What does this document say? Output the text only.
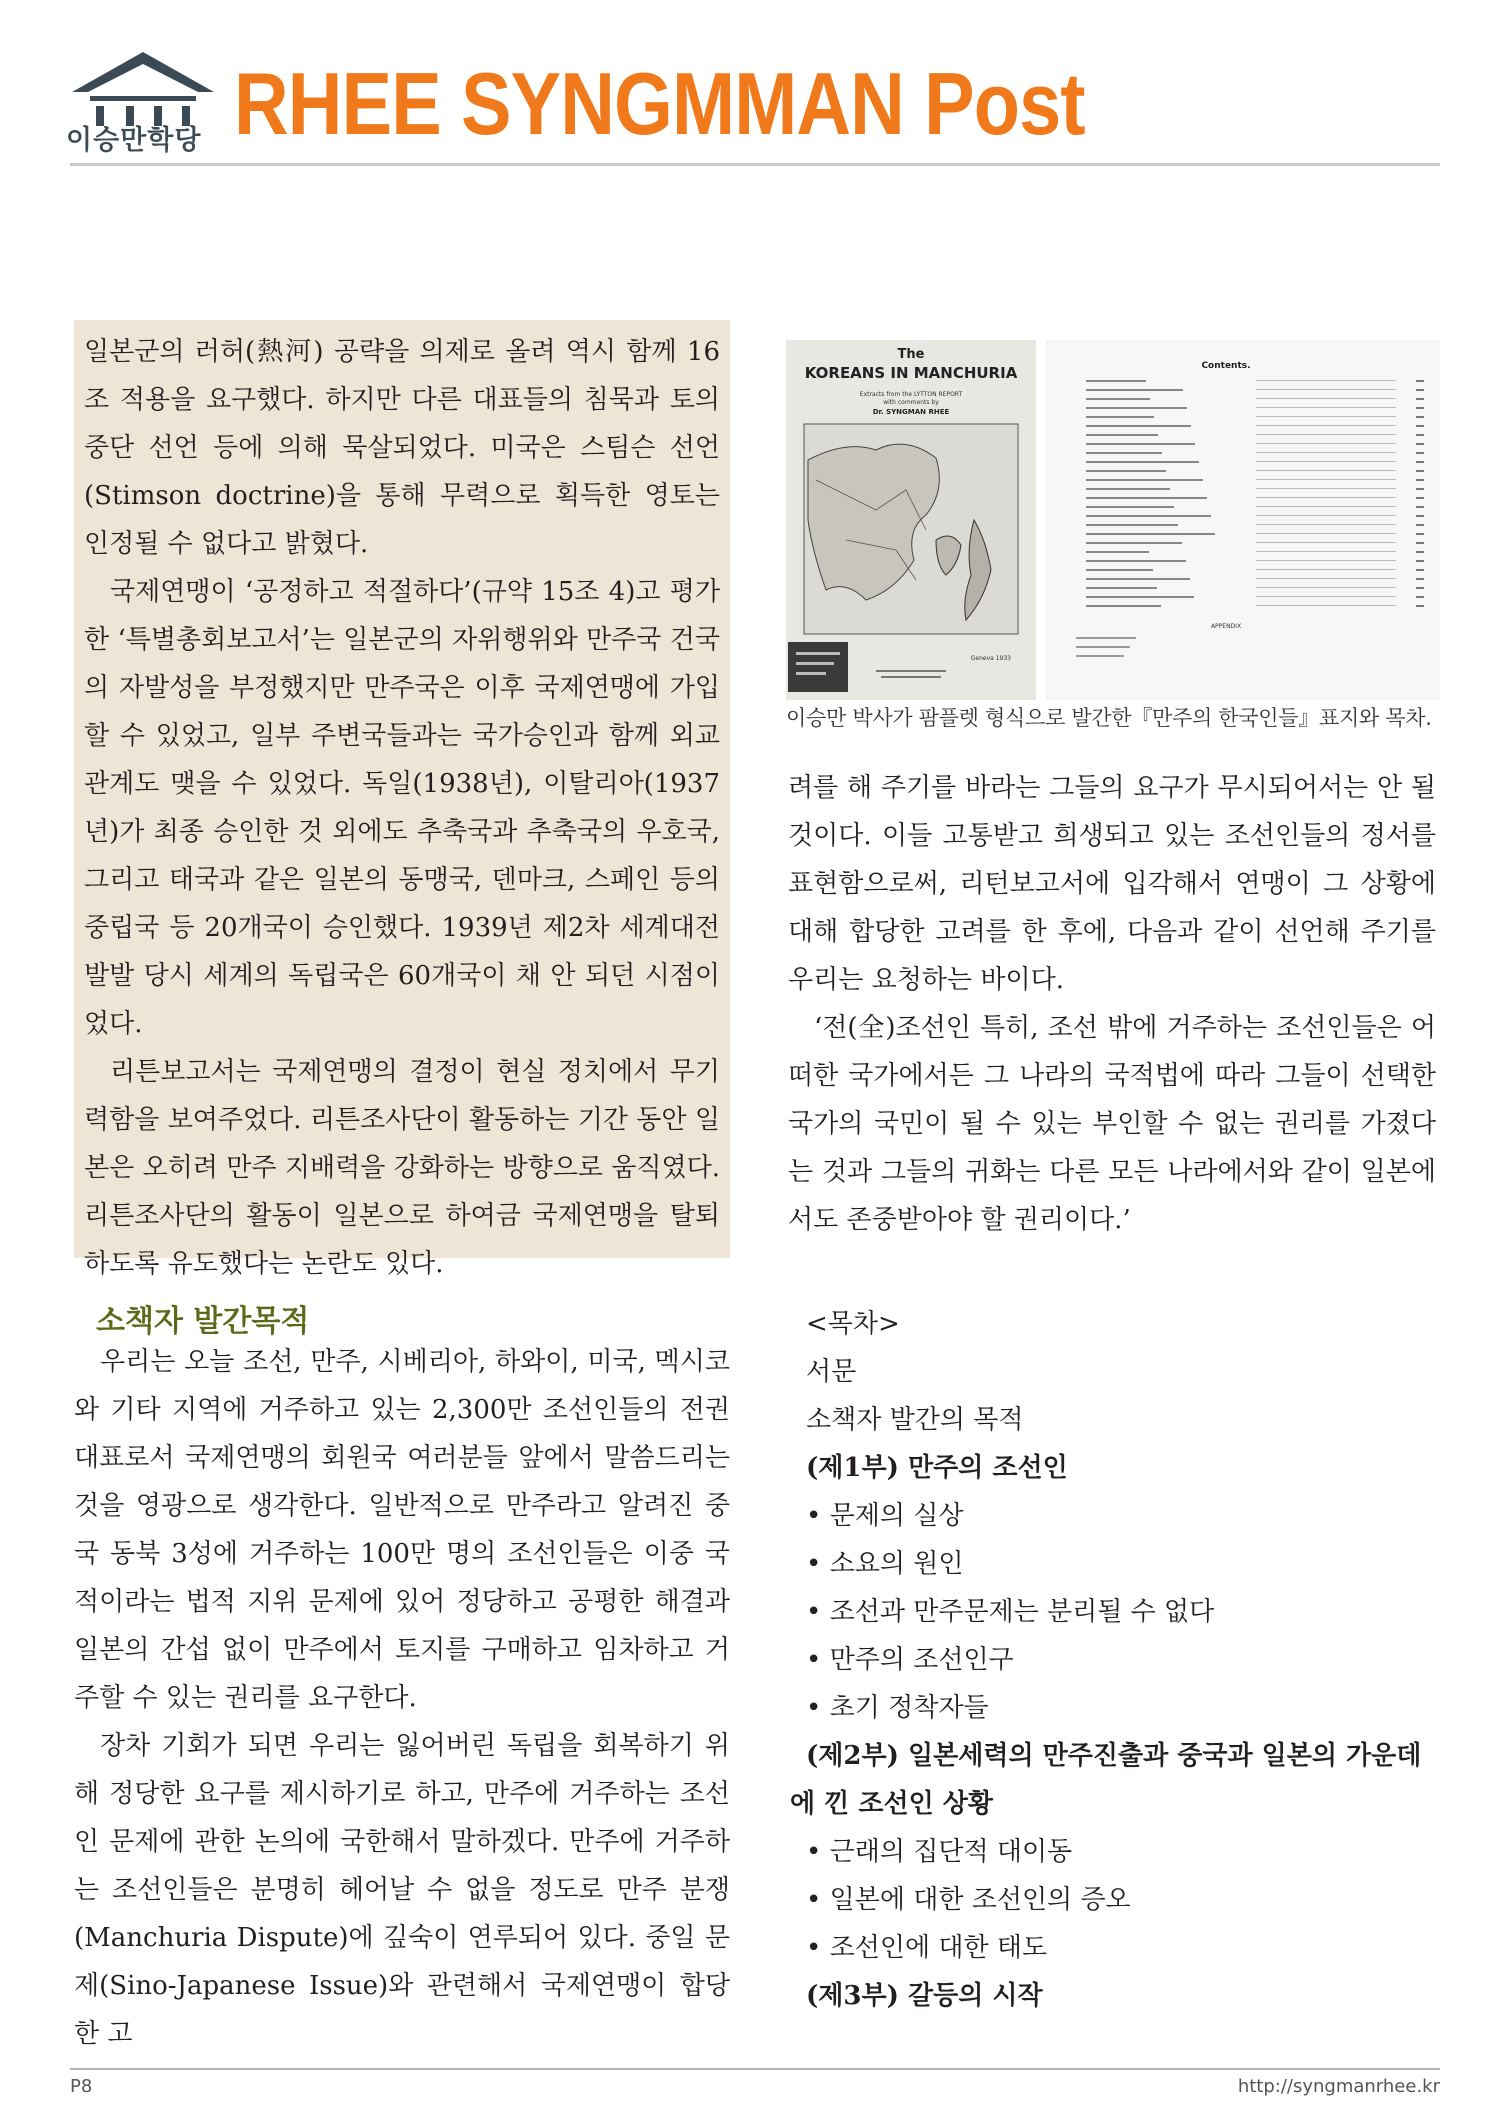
이승만학당 RHEE SYNGMMAN Post

일본군의 러허(熱河) 공략을 의제로 올려 역시 함께 16조 적용을 요구했다. 하지만 다른 대표들의 침묵과 토의중단 선언 등에 의해 묵살되었다. 미국은 스팀슨 선언(Stimson doctrine)을 통해 무력으로 획득한 영토는 인정될 수 없다고 밝혔다.

국제연맹이 ‘공정하고 적절하다’(규약 15조 4)고 평가한 ‘특별총회보고서’는 일본군의 자위행위와 만주국 건국의 자발성을 부정했지만 만주국은 이후 국제연맹에 가입할 수 있었고, 일부 주변국들과는 국가승인과 함께 외교관계도 맺을 수 있었다. 독일(1938년), 이탈리아(1937년)가 최종 승인한 것 외에도 추축국과 추축국의 우호국, 그리고 태국과 같은 일본의 동맹국, 덴마크, 스페인 등의 중립국 등 20개국이 승인했다. 1939년 제2차 세계대전 발발 당시 세계의 독립국은 60개국이 채 안 되던 시점이었다.

리튼보고서는 국제연맹의 결정이 현실 정치에서 무기력함을 보여주었다. 리튼조사단이 활동하는 기간 동안 일본은 오히려 만주 지배력을 강화하는 방향으로 움직였다. 리튼조사단의 활동이 일본으로 하여금 국제연맹을 탈퇴하도록 유도했다는 논란도 있다.

The
KOREANS IN MANCHURIA
Extracts from the LYTTON REPORT
with comments by
Dr. SYNGMAN RHEE
Geneva 1933
Contents.
APPENDIX
이승만 박사가 팜플렛 형식으로 발간한『만주의 한국인들』표지와 목차.

려를 해 주기를 바라는 그들의 요구가 무시되어서는 안 될 것이다. 이들 고통받고 희생되고 있는 조선인들의 정서를 표현함으로써, 리턴보고서에 입각해서 연맹이 그 상황에 대해 합당한 고려를 한 후에, 다음과 같이 선언해 주기를 우리는 요청하는 바이다.

‘전(全)조선인 특히, 조선 밖에 거주하는 조선인들은 어떠한 국가에서든 그 나라의 국적법에 따라 그들이 선택한 국가의 국민이 될 수 있는 부인할 수 없는 권리를 가졌다는 것과 그들의 귀화는 다른 모든 나라에서와 같이 일본에서도 존중받아야 할 권리이다.’

소책자 발간목적

우리는 오늘 조선, 만주, 시베리아, 하와이, 미국, 멕시코와 기타 지역에 거주하고 있는 2,300만 조선인들의 전권대표로서 국제연맹의 회원국 여러분들 앞에서 말씀드리는 것을 영광으로 생각한다. 일반적으로 만주라고 알려진 중국 동북 3성에 거주하는 100만 명의 조선인들은 이중 국적이라는 법적 지위 문제에 있어 정당하고 공평한 해결과 일본의 간섭 없이 만주에서 토지를 구매하고 임차하고 거주할 수 있는 권리를 요구한다.

장차 기회가 되면 우리는 잃어버린 독립을 회복하기 위해 정당한 요구를 제시하기로 하고, 만주에 거주하는 조선인 문제에 관한 논의에 국한해서 말하겠다. 만주에 거주하는 조선인들은 분명히 헤어날 수 없을 정도로 만주 분쟁(Manchuria Dispute)에 깊숙이 연루되어 있다. 중일 문제(Sino-Japanese Issue)와 관련해서 국제연맹이 합당한 고

<목차>
서문
소책자 발간의 목적
(제1부) 만주의 조선인
• 문제의 실상
• 소요의 원인
• 조선과 만주문제는 분리될 수 없다
• 만주의 조선인구
• 초기 정착자들
(제2부) 일본세력의 만주진출과 중국과 일본의 가운데에 낀 조선인 상황
• 근래의 집단적 대이동
• 일본에 대한 조선인의 증오
• 조선인에 대한 태도
(제3부) 갈등의 시작
P8	http://syngmanrhee.kr
